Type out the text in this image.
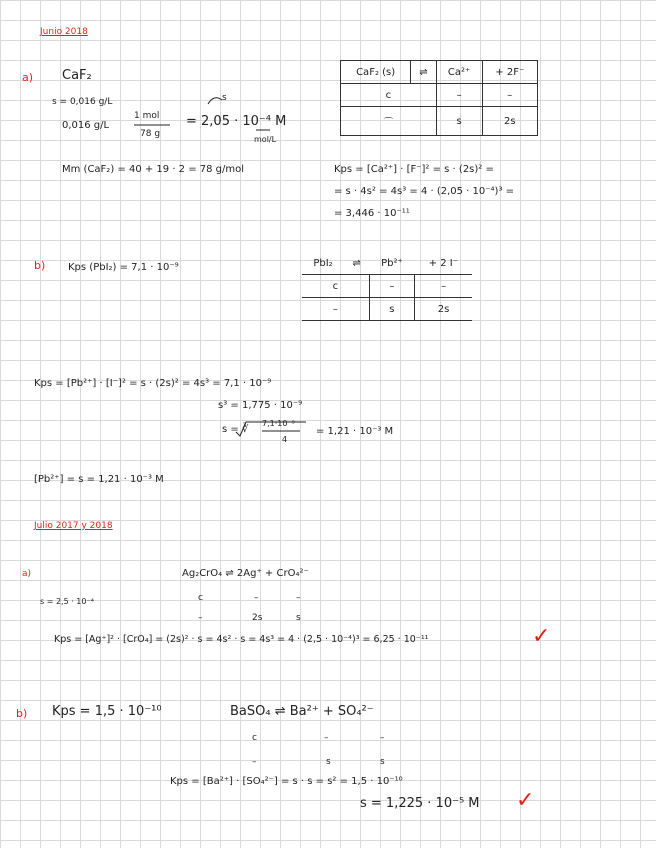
Junio 2018
a) CaF₂
s = 0,016 g/L
0,016 g/L
1 mol
78 g
= 2,05 · 10⁻⁴ M
mol/L
s
Mm (CaF₂) = 40 + 19 · 2 = 78 g/mol
CaF₂ (s)	⇌	Ca²⁺	+ 2F⁻
c		–	–
⌒		s	2s
Kps = [Ca²⁺] · [F⁻]² = s · (2s)² =
= s · 4s² = 4s³ = 4 · (2,05 · 10⁻⁴)³ =
= 3,446 · 10⁻¹¹
b) Kps (PbI₂) = 7,1 · 10⁻⁹	PbI₂	⇌	Pb²⁺	+ 2 I⁻
c		–	–
–		s	2s
Kps = [Pb²⁺] · [I⁻]² = s · (2s)² = 4s³ = 7,1 · 10⁻⁹
s³ = 1,775 · 10⁻⁹
s = ∛
7,1·10⁻⁹
4
= 1,21 · 10⁻³ M
[Pb²⁺] = s = 1,21 · 10⁻³ M
Julio 2017 y 2018
a)
s = 2,5 · 10⁻⁴
Ag₂CrO₄ ⇌ 2Ag⁺ + CrO₄²⁻
c	–	–
–	2s	s
Kps = [Ag⁺]² · [CrO₄] = (2s)² · s = 4s² · s = 4s³ = 4 · (2,5 · 10⁻⁴)³ = 6,25 · 10⁻¹¹	✓
b) Kps = 1,5 · 10⁻¹⁰	BaSO₄ ⇌ Ba²⁺ + SO₄²⁻
c	–	–
–	s	s
Kps = [Ba²⁺] · [SO₄²⁻] = s · s = s² = 1,5 · 10⁻¹⁰
s = 1,225 · 10⁻⁵ M ✓
